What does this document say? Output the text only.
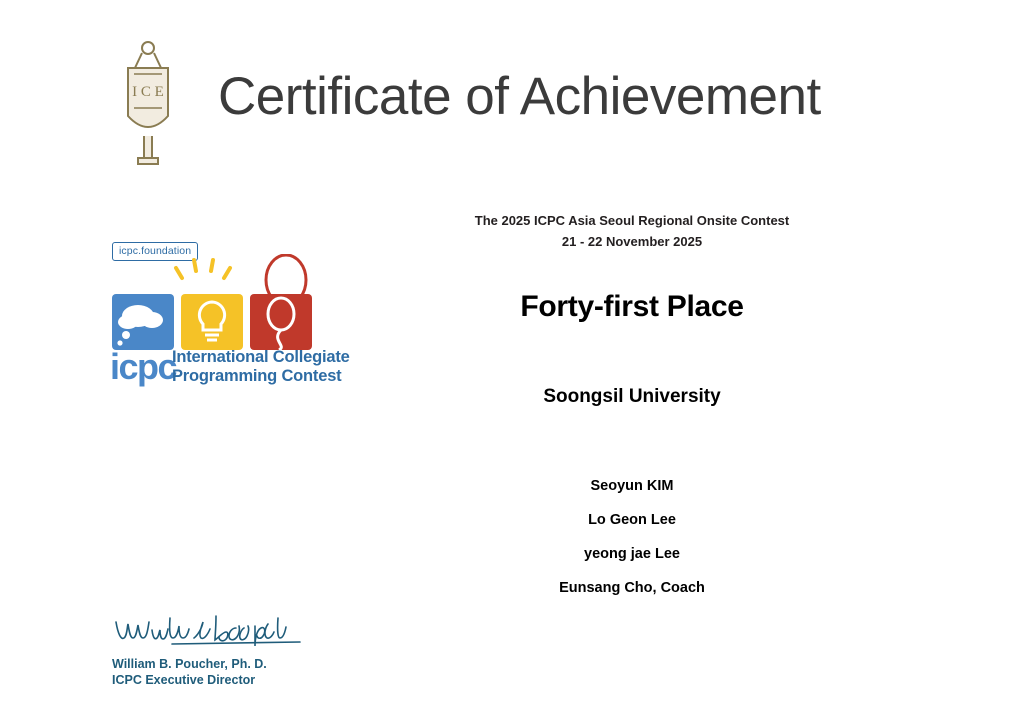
I C E Certificate of Achievement
icpc.foundation
icpc
International Collegiate
Programming Contest
The 2025 ICPC Asia Seoul Regional Onsite Contest
21 - 22 November 2025
Forty-first Place
Soongsil University
Seoyun KIM
Lo Geon Lee
yeong jae Lee
Eunsang Cho, Coach
William B. Poucher, Ph. D.
ICPC Executive Director
